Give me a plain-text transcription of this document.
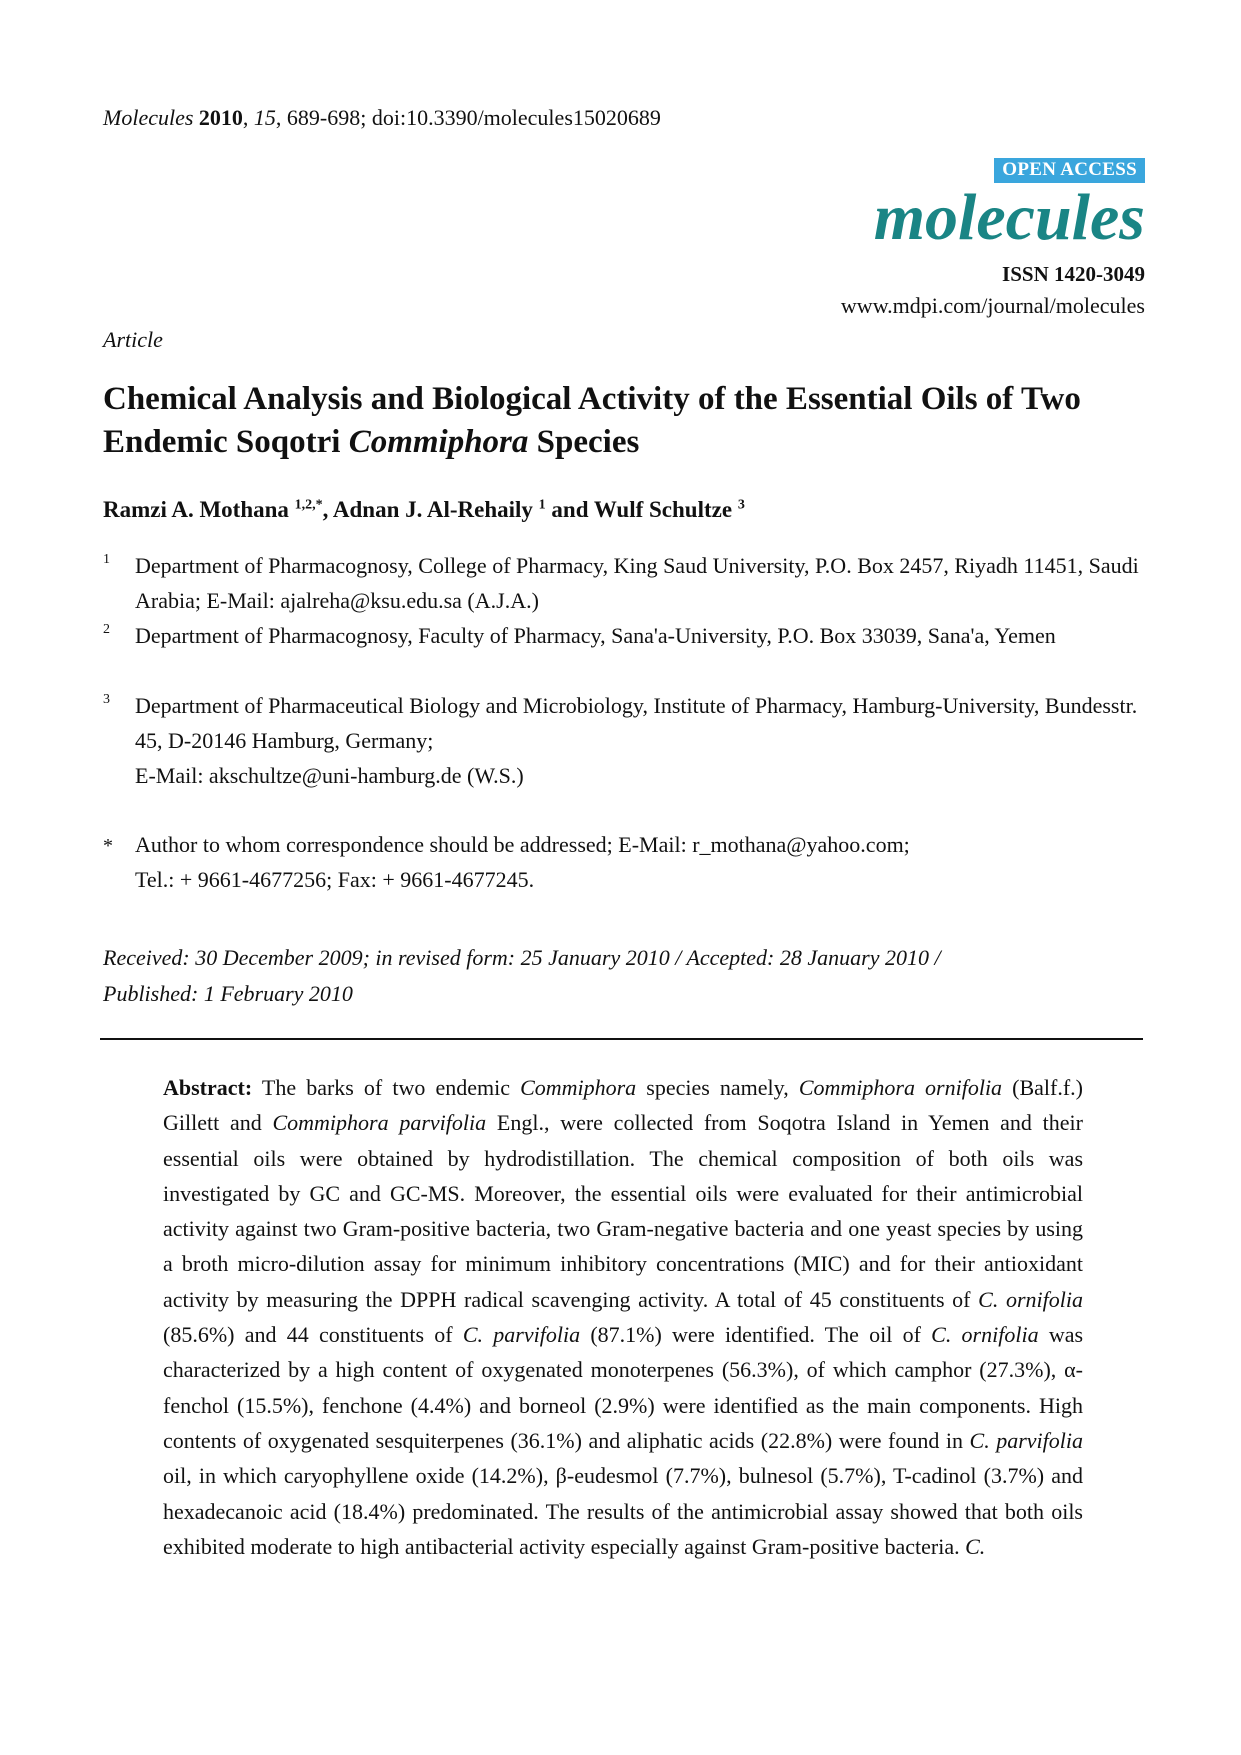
Molecules 2010, 15, 689-698; doi:10.3390/molecules15020689
OPEN ACCESS
molecules
ISSN 1420-3049
www.mdpi.com/journal/molecules
Article
Chemical Analysis and Biological Activity of the Essential Oils of Two Endemic Soqotri Commiphora Species
Ramzi A. Mothana $^{1,2,*}$, Adnan J. Al-Rehaily $^1$ and Wulf Schultze $^3$
1 Department of Pharmacognosy, College of Pharmacy, King Saud University, P.O. Box 2457, Riyadh 11451, Saudi Arabia; E-Mail: ajalreha@ksu.edu.sa (A.J.A.)
2 Department of Pharmacognosy, Faculty of Pharmacy, Sana'a-University, P.O. Box 33039, Sana'a, Yemen
3 Department of Pharmaceutical Biology and Microbiology, Institute of Pharmacy, Hamburg-University, Bundesstr. 45, D-20146 Hamburg, Germany;
E-Mail: akschultze@uni-hamburg.de (W.S.)
* Author to whom correspondence should be addressed; E-Mail: r_mothana@yahoo.com;
Tel.: + 9661-4677256; Fax: + 9661-4677245.
Received: 30 December 2009; in revised form: 25 January 2010 / Accepted: 28 January 2010 /
Published: 1 February 2010
Abstract: The barks of two endemic Commiphora species namely, Commiphora ornifolia (Balf.f.) Gillett and Commiphora parvifolia Engl., were collected from Soqotra Island in Yemen and their essential oils were obtained by hydrodistillation. The chemical composition of both oils was investigated by GC and GC-MS. Moreover, the essential oils were evaluated for their antimicrobial activity against two Gram-positive bacteria, two Gram-negative bacteria and one yeast species by using a broth micro-dilution assay for minimum inhibitory concentrations (MIC) and for their antioxidant activity by measuring the DPPH radical scavenging activity. A total of 45 constituents of C. ornifolia (85.6%) and 44 constituents of C. parvifolia (87.1%) were identified. The oil of C. ornifolia was characterized by a high content of oxygenated monoterpenes (56.3%), of which camphor (27.3%), α-fenchol (15.5%), fenchone (4.4%) and borneol (2.9%) were identified as the main components. High contents of oxygenated sesquiterpenes (36.1%) and aliphatic acids (22.8%) were found in C. parvifolia oil, in which caryophyllene oxide (14.2%), β-eudesmol (7.7%), bulnesol (5.7%), T-cadinol (3.7%) and hexadecanoic acid (18.4%) predominated. The results of the antimicrobial assay showed that both oils exhibited moderate to high antibacterial activity especially against Gram-positive bacteria. C.
